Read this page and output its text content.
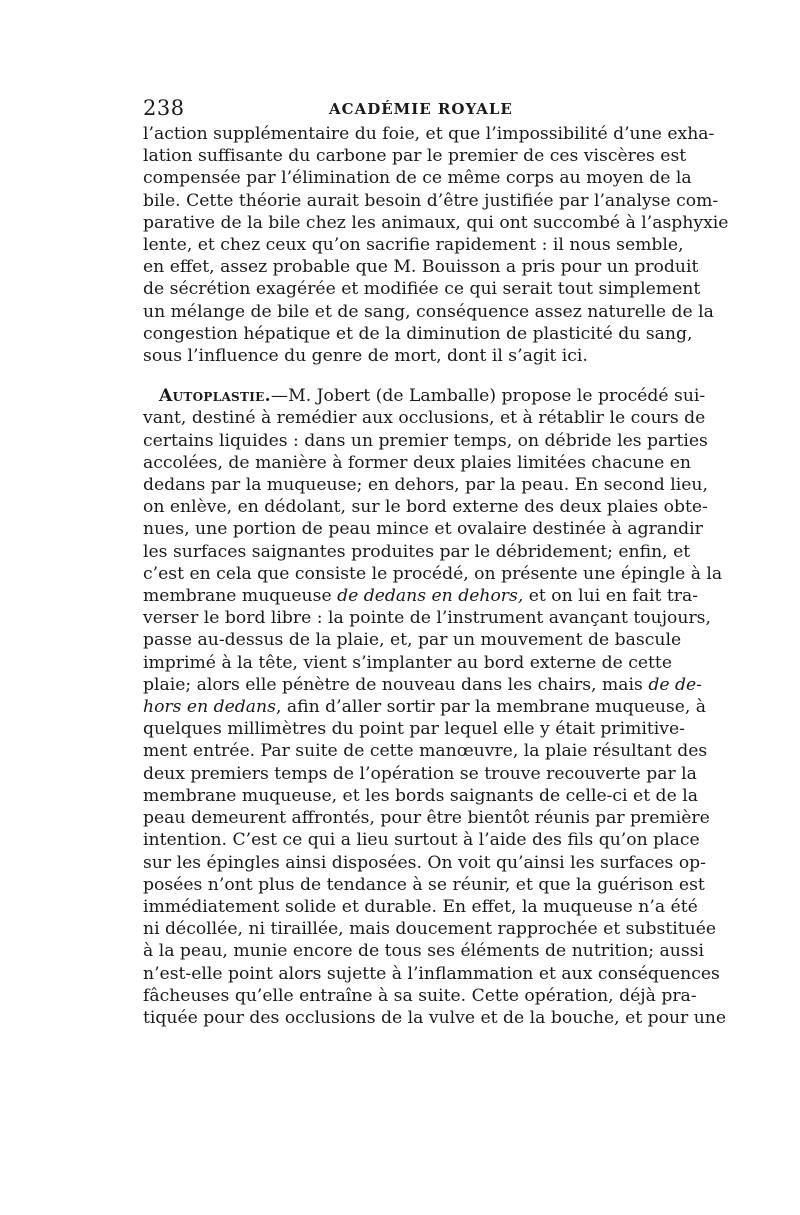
238	ACADÉMIE ROYALE
l’action supplémentaire du foie, et que l’impossibilité d’une exha-
lation suffisante du carbone par le premier de ces viscères est
compensée par l’élimination de ce même corps au moyen de la
bile. Cette théorie aurait besoin d’être justifiée par l’analyse com-
parative de la bile chez les animaux, qui ont succombé à l’asphyxie
lente, et chez ceux qu’on sacrifie rapidement : il nous semble,
en effet, assez probable que M. Bouisson a pris pour un produit
de sécrétion exagérée et modifiée ce qui serait tout simplement
un mélange de bile et de sang, conséquence assez naturelle de la
congestion hépatique et de la diminution de plasticité du sang,
sous l’influence du genre de mort, dont il s’agit ici.
Autoplastie.—M. Jobert (de Lamballe) propose le procédé sui-
vant, destiné à remédier aux occlusions, et à rétablir le cours de
certains liquides : dans un premier temps, on débride les parties
accolées, de manière à former deux plaies limitées chacune en
dedans par la muqueuse; en dehors, par la peau. En second lieu,
on enlève, en dédolant, sur le bord externe des deux plaies obte-
nues, une portion de peau mince et ovalaire destinée à agrandir
les surfaces saignantes produites par le débridement; enfin, et
c’est en cela que consiste le procédé, on présente une épingle à la
membrane muqueuse de dedans en dehors, et on lui en fait tra-
verser le bord libre : la pointe de l’instrument avançant toujours,
passe au-dessus de la plaie, et, par un mouvement de bascule
imprimé à la tête, vient s’implanter au bord externe de cette
plaie; alors elle pénètre de nouveau dans les chairs, mais de de-
hors en dedans, afin d’aller sortir par la membrane muqueuse, à
quelques millimètres du point par lequel elle y était primitive-
ment entrée. Par suite de cette manœuvre, la plaie résultant des
deux premiers temps de l’opération se trouve recouverte par la
membrane muqueuse, et les bords saignants de celle-ci et de la
peau demeurent affrontés, pour être bientôt réunis par première
intention. C’est ce qui a lieu surtout à l’aide des fils qu’on place
sur les épingles ainsi disposées. On voit qu’ainsi les surfaces op-
posées n’ont plus de tendance à se réunir, et que la guérison est
immédiatement solide et durable. En effet, la muqueuse n’a été
ni décollée, ni tiraillée, mais doucement rapprochée et substituée
à la peau, munie encore de tous ses éléments de nutrition; aussi
n’est-elle point alors sujette à l’inflammation et aux conséquences
fâcheuses qu’elle entraîne à sa suite. Cette opération, déjà pra-
tiquée pour des occlusions de la vulve et de la bouche, et pour une
